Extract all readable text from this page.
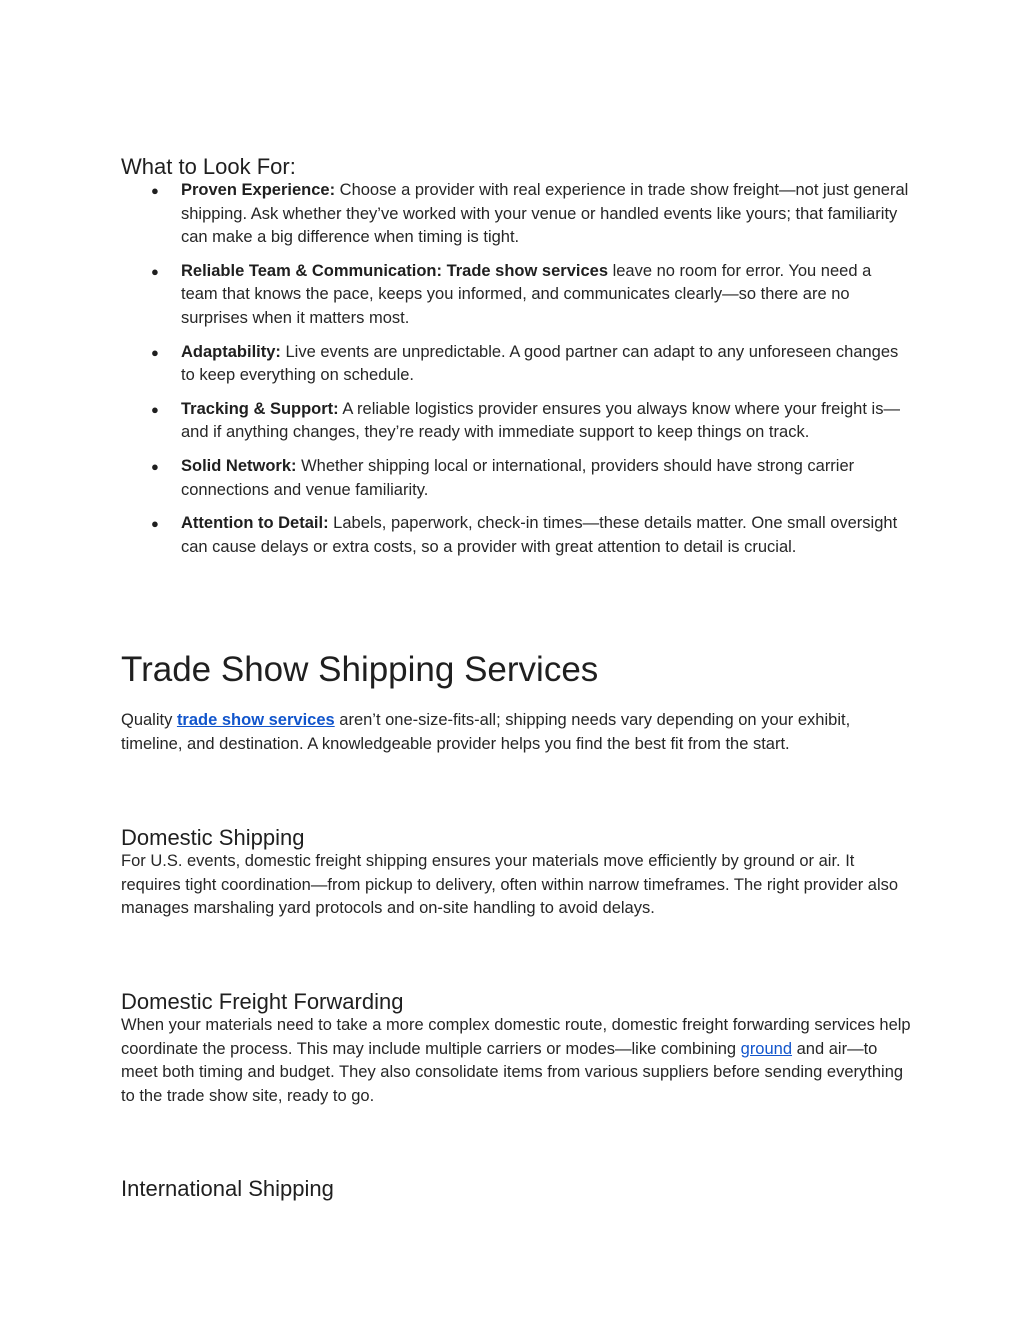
What to Look For:
● Proven Experience: Choose a provider with real experience in trade show freight—not just general shipping. Ask whether they’ve worked with your venue or handled events like yours; that familiarity can make a big difference when timing is tight.
● Reliable Team & Communication: Trade show services leave no room for error. You need a team that knows the pace, keeps you informed, and communicates clearly—so there are no surprises when it matters most.
● Adaptability: Live events are unpredictable. A good partner can adapt to any unforeseen changes to keep everything on schedule.
● Tracking & Support: A reliable logistics provider ensures you always know where your freight is—and if anything changes, they’re ready with immediate support to keep things on track.
● Solid Network: Whether shipping local or international, providers should have strong carrier connections and venue familiarity.
● Attention to Detail: Labels, paperwork, check-in times—these details matter. One small oversight can cause delays or extra costs, so a provider with great attention to detail is crucial.
Trade Show Shipping Services
Quality trade show services aren’t one-size-fits-all; shipping needs vary depending on your exhibit, timeline, and destination. A knowledgeable provider helps you find the best fit from the start.
Domestic Shipping
For U.S. events, domestic freight shipping ensures your materials move efficiently by ground or air. It requires tight coordination—from pickup to delivery, often within narrow timeframes. The right provider also manages marshaling yard protocols and on-site handling to avoid delays.
Domestic Freight Forwarding
When your materials need to take a more complex domestic route, domestic freight forwarding services help coordinate the process. This may include multiple carriers or modes—like combining ground and air—to meet both timing and budget. They also consolidate items from various suppliers before sending everything to the trade show site, ready to go.
International Shipping
